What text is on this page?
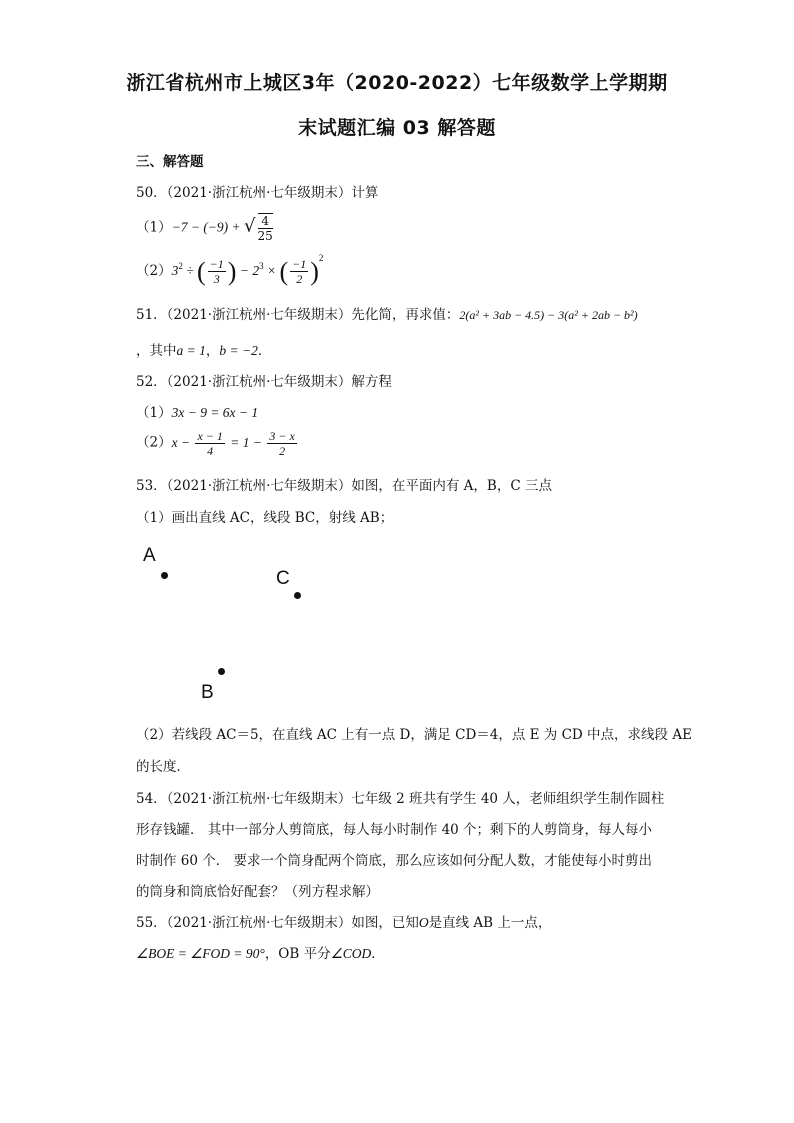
浙江省杭州市上城区3年（2020-2022）七年级数学上学期期
末试题汇编 03 解答题
三、解答题
50．（2021·浙江杭州·七年级期末）计算
（1）−7 − (−9) + √ $\frac{4}{25}$
$(2)3^2$ ÷ ( $\frac{-1}{3}$ ) − $2^3$ × ( $\frac{-1}{2} )^2$
51．（2021·浙江杭州·七年级期末）先化简，再求值：2(a² + 3ab − 4.5) − 3(a² + 2ab − b²)
，其中a = 1，b = −2．
52．（2021·浙江杭州·七年级期末）解方程
（1）3x − 9 = 6x − 1
$(2)x - \frac{x - 1}{4} = 1 - \frac{3 - x}{2}$
53．（2021·浙江杭州·七年级期末）如图，在平面内有 A，B，C 三点
（1）画出直线 AC，线段 BC，射线 AB；
A
C
B
（2）若线段 AC＝5，在直线 AC 上有一点 D，满足 CD＝4，点 E 为 CD 中点，求线段 AE
的长度．
54．（2021·浙江杭州·七年级期末）七年级 2 班共有学生 40 人，老师组织学生制作圆柱
形存钱罐． 其中一部分人剪筒底，每人每小时制作 40 个；剩下的人剪筒身，每人每小
时制作 60 个． 要求一个筒身配两个筒底，那么应该如何分配人数，才能使每小时剪出
的筒身和筒底恰好配套？（列方程求解）
55．（2021·浙江杭州·七年级期末）如图，已知O是直线 AB 上一点，
∠BOE = ∠FOD = 90°，OB 平分∠COD．
